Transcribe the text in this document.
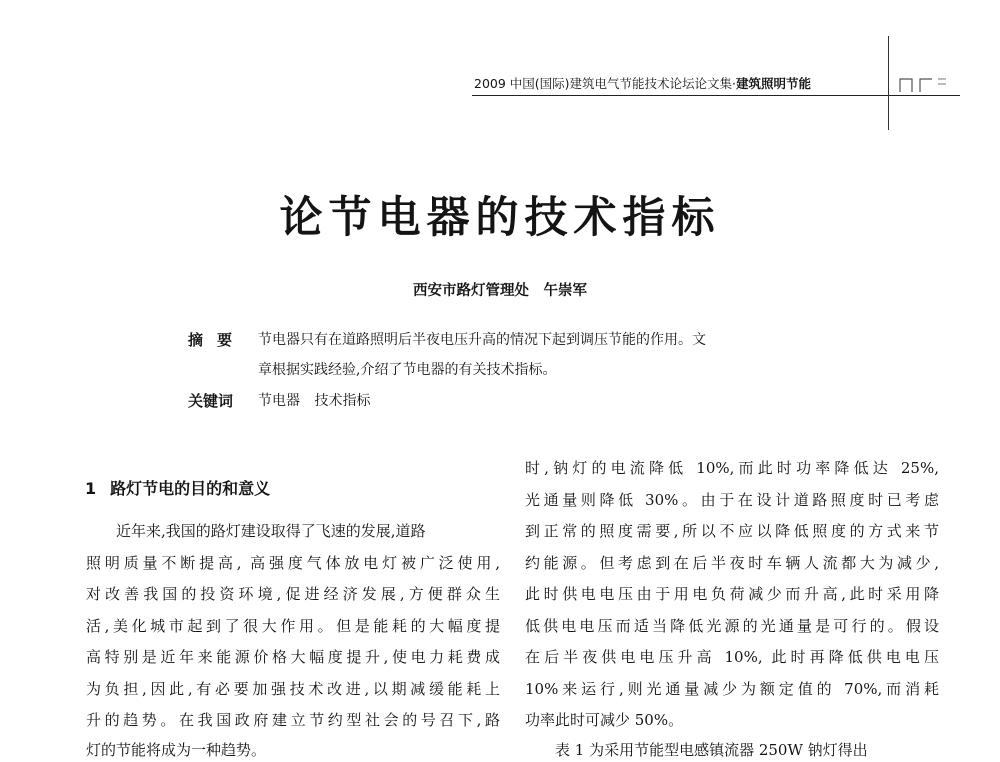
2009 中国(国际)建筑电气节能技术论坛论文集·建筑照明节能
论节电器的技术指标
西安市路灯管理处　午崇军
摘要 节电器只有在道路照明后半夜电压升高的情况下起到调压节能的作用。文
章根据实践经验,介绍了节电器的有关技术指标。
关键词 节电器 技术指标
1 路灯节电的目的和意义
近年来,我国的路灯建设取得了飞速的发展,道路
照明质量不断提高, 高强度气体放电灯被广泛使用,
对改善我国的投资环境,促进经济发展,方便群众生
活,美化城市起到了很大作用。但是能耗的大幅度提
高特别是近年来能源价格大幅度提升,使电力耗费成
为负担,因此,有必要加强技术改进,以期减缓能耗上
升的趋势。在我国政府建立节约型社会的号召下,路
灯的节能将成为一种趋势。
时,钠灯的电流降低 10%,而此时功率降低达 25%,
光通量则降低 30%。由于在设计道路照度时已考虑
到正常的照度需要,所以不应以降低照度的方式来节
约能源。但考虑到在后半夜时车辆人流都大为减少,
此时供电电压由于用电负荷减少而升高,此时采用降
低供电电压而适当降低光源的光通量是可行的。假设
在后半夜供电电压升高 10%, 此时再降低供电电压
10%来运行,则光通量减少为额定值的 70%,而消耗
功率此时可减少 50%。
表 1 为采用节能型电感镇流器 250W 钠灯得出
